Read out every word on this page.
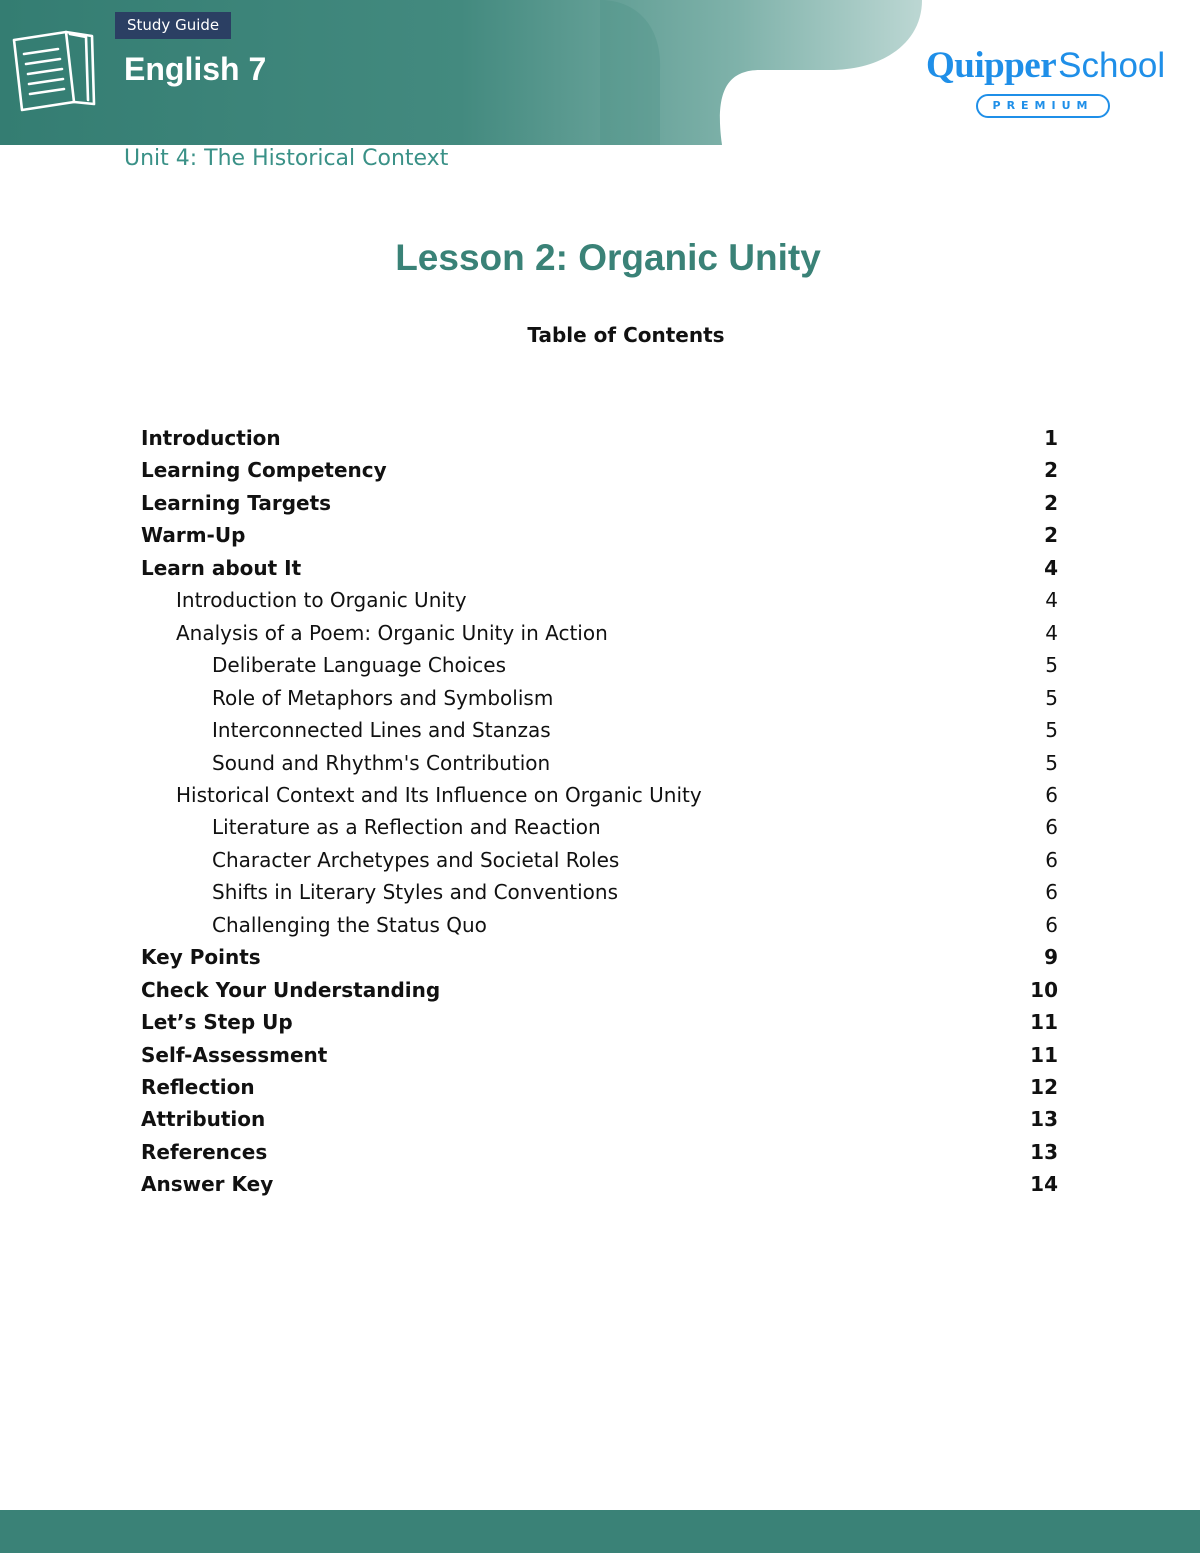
Study Guide
English 7	QuipperSchool
PREMIUM
Unit 4: The Historical Context
Lesson 2: Organic Unity
Table of Contents
Introduction	1
Learning Competency	2
Learning Targets	2
Warm-Up	2
Learn about It	4
Introduction to Organic Unity	4
Analysis of a Poem: Organic Unity in Action	4
Deliberate Language Choices	5
Role of Metaphors and Symbolism	5
Interconnected Lines and Stanzas	5
Sound and Rhythm's Contribution	5
Historical Context and Its Influence on Organic Unity	6
Literature as a Reflection and Reaction	6
Character Archetypes and Societal Roles	6
Shifts in Literary Styles and Conventions	6
Challenging the Status Quo	6
Key Points	9
Check Your Understanding	10
Let’s Step Up	11
Self-Assessment	11
Reflection	12
Attribution	13
References	13
Answer Key	14
